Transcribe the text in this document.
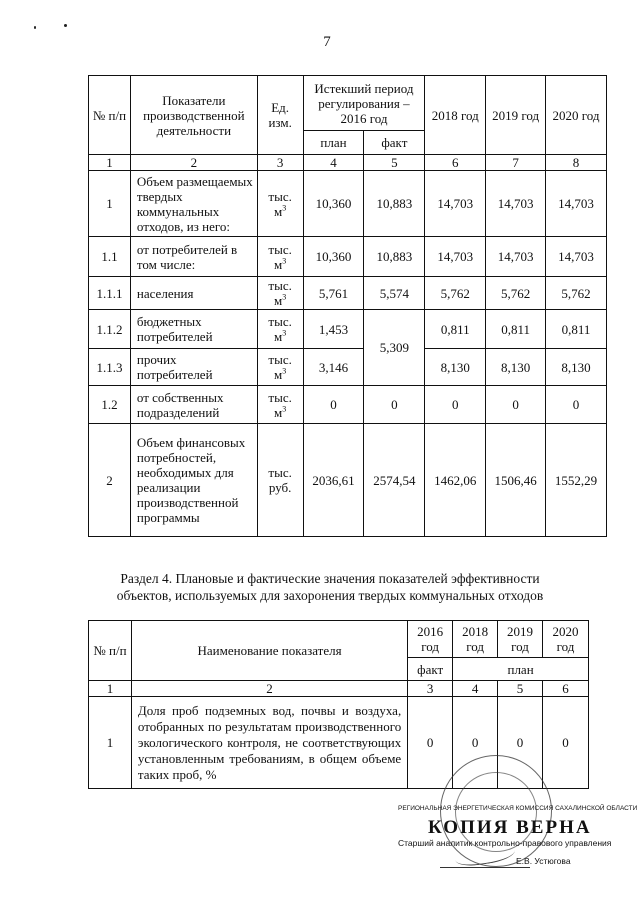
7
№ п/п	Показатели производственной деятельности	Ед. изм.	Истекший период регулирования – 2016 год		2018 год	2019 год	2020 год
			план	факт			
1	2	3	4	5	6	7	8
1	Объем размещаемых твердых коммунальных отходов, из него:	тыс. $м^3$	10,360	10,883	14,703	14,703	14,703
1.1	от потребителей в том числе:	тыс. $м^3$	10,360	10,883	14,703	14,703	14,703
1.1.1	населения	тыс. $м^3$	5,761	5,574	5,762	5,762	5,762
1.1.2	бюджетных потребителей	тыс. $м^3$	1,453	5,309	0,811	0,811	0,811
1.1.3	прочих потребителей	тыс. $м^3$	3,146		8,130	8,130	8,130
1.2	от собственных подразделений	тыс. $м^3$	0	0	0	0	0
2	Объем финансовых потребностей, необходимых для реализации производственной программы	тыс. руб.	2036,61	2574,54	1462,06	1506,46	1552,29
Раздел 4. Плановые и фактические значения показателей эффективности объектов, используемых для захоронения твердых коммунальных отходов
№ п/п	Наименование показателя	2016 год	2018 год	2019 год	2020 год
		факт	план		
1	2	3	4	5	6
1	Доля проб подземных вод, почвы и воздуха, отобранных по результатам производственного экологического контроля, не соответствующих установленным требованиям, в общем объеме таких проб, %	0	0	0	0
РЕГИОНАЛЬНАЯ ЭНЕРГЕТИЧЕСКАЯ КОМИССИЯ САХАЛИНСКОЙ ОБЛАСТИ
КОПИЯ ВЕРНА
Старший аналитик контрольно-правового управления
Е.В. Устюгова
